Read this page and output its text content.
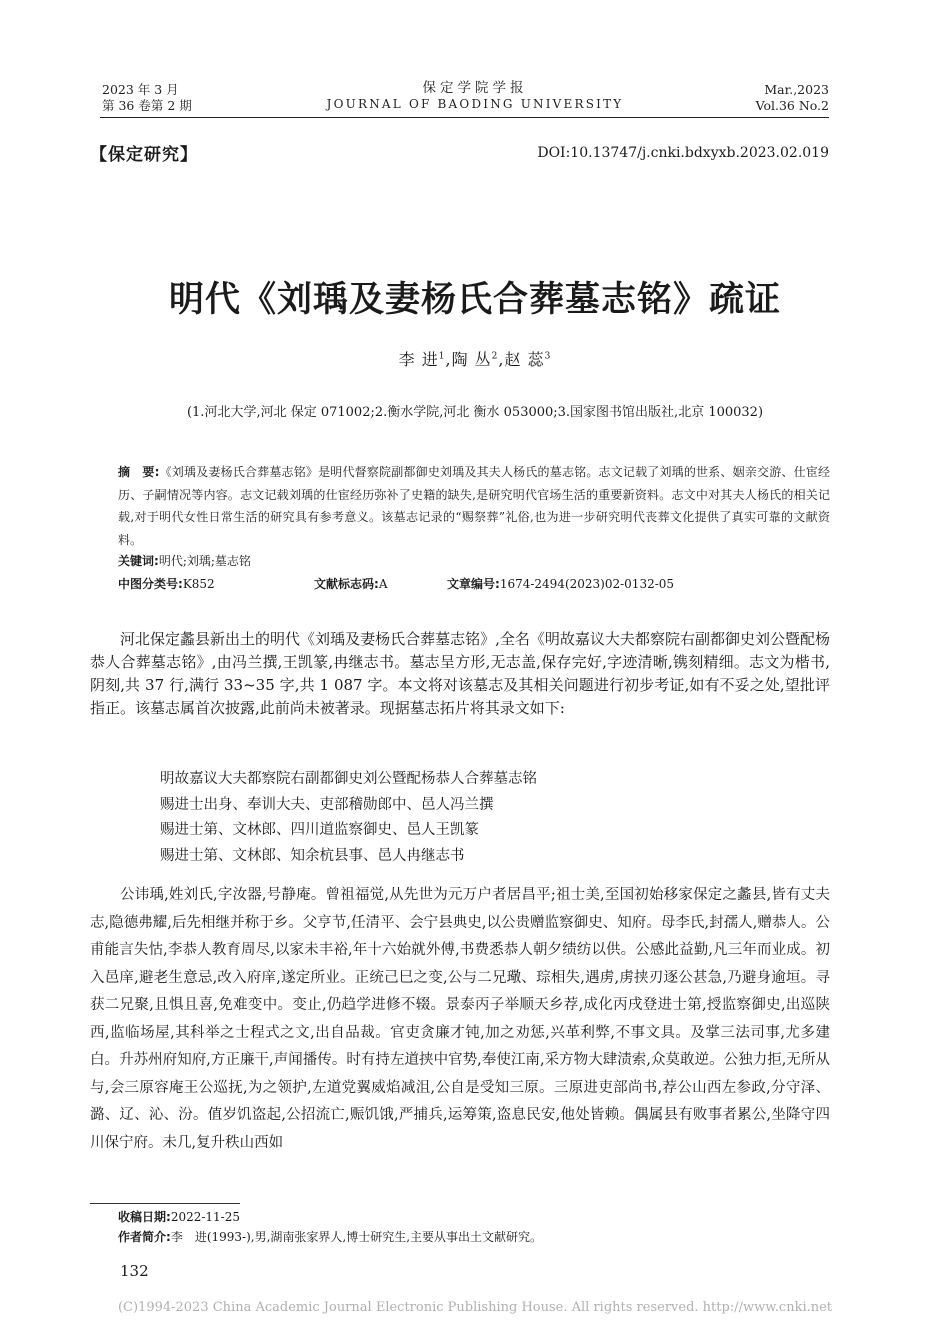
2023 年 3 月
第 36 卷第 2 期
保定学院学报
JOURNAL OF BAODING UNIVERSITY
Mar.,2023
Vol.36 No.2
【保定研究】	DOI:10.13747/j.cnki.bdxyxb.2023.02.019
明代《刘瑀及妻杨氏合葬墓志铭》疏证
李 进$^1$,陶 丛$^2$,赵 蕊$^3$
(1.河北大学,河北 保定 071002;2.衡水学院,河北 衡水 053000;3.国家图书馆出版社,北京 100032)

摘　要:《刘瑀及妻杨氏合葬墓志铭》是明代督察院副都御史刘瑀及其夫人杨氏的墓志铭。志文记载了刘瑀的世系、姻亲交游、仕宦经历、子嗣情况等内容。志文记载刘瑀的仕宦经历弥补了史籍的缺失,是研究明代官场生活的重要新资料。志文中对其夫人杨氏的相关记载,对于明代女性日常生活的研究具有参考意义。该墓志记录的“赐祭葬”礼俗,也为进一步研究明代丧葬文化提供了真实可靠的文献资料。

关键词:明代;刘瑀;墓志铭
中图分类号:K852	文献标志码:A	文章编号:1674-2494(2023)02-0132-05

河北保定蠡县新出土的明代《刘瑀及妻杨氏合葬墓志铭》,全名《明故嘉议大夫都察院右副都御史刘公暨配杨恭人合葬墓志铭》,由冯兰撰,王凯篆,冉继志书。墓志呈方形,无志盖,保存完好,字迹清晰,镌刻精细。志文为楷书,阴刻,共 37 行,满行 33~35 字,共 1 087 字。本文将对该墓志及其相关问题进行初步考证,如有不妥之处,望批评指正。该墓志属首次披露,此前尚未被著录。现据墓志拓片将其录文如下:

明故嘉议大夫都察院右副都御史刘公暨配杨恭人合葬墓志铭
赐进士出身、奉训大夫、吏部稽勋郎中、邑人冯兰撰
赐进士第、文林郎、四川道监察御史、邑人王凯篆
赐进士第、文林郎、知余杭县事、邑人冉继志书

公讳瑀,姓刘氏,字汝器,号静庵。曾祖福觉,从先世为元万户者居昌平;祖士美,至国初始移家保定之蠡县,皆有丈夫志,隐德弗耀,后先相继并称于乡。父亨节,任清平、会宁县典史,以公贵赠监察御史、知府。母李氏,封孺人,赠恭人。公甫能言失怙,李恭人教育周尽,以家未丰裕,年十六始就外傅,书费悉恭人朝夕绩纺以供。公感此益勤,凡三年而业成。初入邑庠,避老生意忌,改入府庠,遂定所业。正统己巳之变,公与二兄璥、琮相失,遇虏,虏挟刃逐公甚急,乃避身逾垣。寻获二兄聚,且惧且喜,免难变中。变止,仍趋学进修不辍。景泰丙子举顺天乡荐,成化丙戌登进士第,授监察御史,出巡陕西,监临场屋,其科举之士程式之文,出自品裁。官吏贪廉才钝,加之劝惩,兴革利弊,不事文具。及掌三法司事,尤多建白。升苏州府知府,方正廉干,声闻播传。时有持左道挟中官势,奉使江南,采方物大肆渍索,众莫敢逆。公独力拒,无所从与,会三原容庵王公巡抚,为之领护,左道党翼威焰减沮,公自是受知三原。三原进吏部尚书,荐公山西左参政,分守泽、潞、辽、沁、汾。值岁饥盗起,公招流亡,赈饥饿,严捕兵,运筹策,盗息民安,他处皆赖。偶属县有败事者累公,坐降守四川保宁府。未几,复升秩山西如

收稿日期:2022-11-25
作者简介:李　进(1993-),男,湖南张家界人,博士研究生,主要从事出土文献研究。
132
(C)1994-2023 China Academic Journal Electronic Publishing House. All rights reserved. http://www.cnki.net
